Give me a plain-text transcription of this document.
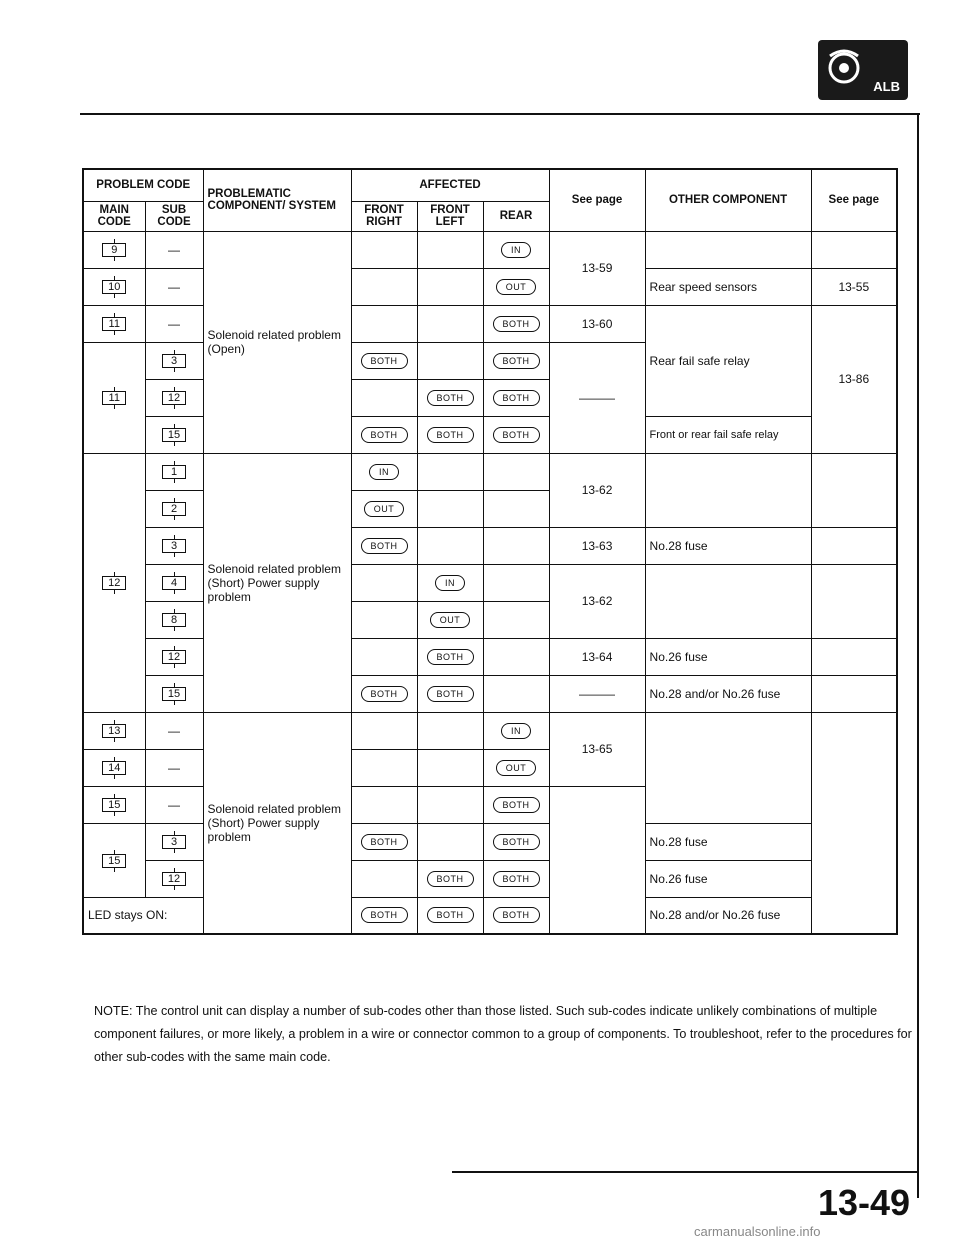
ALB
PROBLEM CODE		PROBLEMATIC COMPONENT/ SYSTEM	AFFECTED			See page	OTHER COMPONENT	See page
MAIN CODE	SUB CODE		FRONT RIGHT	FRONT LEFT	REAR			
9	—	Solenoid related problem (Open)			IN	13-59		
10	—				OUT		Rear speed sensors	13-55
11	—				BOTH	13-60	Rear fail safe relay	13-86
11	3		BOTH		BOTH	———		
	12			BOTH	BOTH			
	15		BOTH	BOTH	BOTH		Front or rear fail safe relay	
12	1	Solenoid related problem (Short) Power supply problem	IN			13-62		
	2		OUT					
	3		BOTH			13-63	No.28 fuse	
	4			IN		13-62		
	8			OUT				
	12			BOTH		13-64	No.26 fuse	
	15		BOTH	BOTH		———	No.28 and/or No.26 fuse	
13	—	Solenoid related problem (Short) Power supply problem			IN	13-65		
14	—				OUT			
15	—				BOTH			
15	3		BOTH		BOTH		No.28 fuse	
	12			BOTH	BOTH		No.26 fuse	
LED stays ON:			BOTH	BOTH	BOTH		No.28 and/or No.26 fuse	
NOTE: The control unit can display a number of sub-codes other than those listed. Such sub-codes indicate unlikely combinations of multiple component failures, or more likely, a problem in a wire or connector common to a group of components. To troubleshoot, refer to the procedures for other sub-codes with the same main code.
13-49
carmanualsonline.info
